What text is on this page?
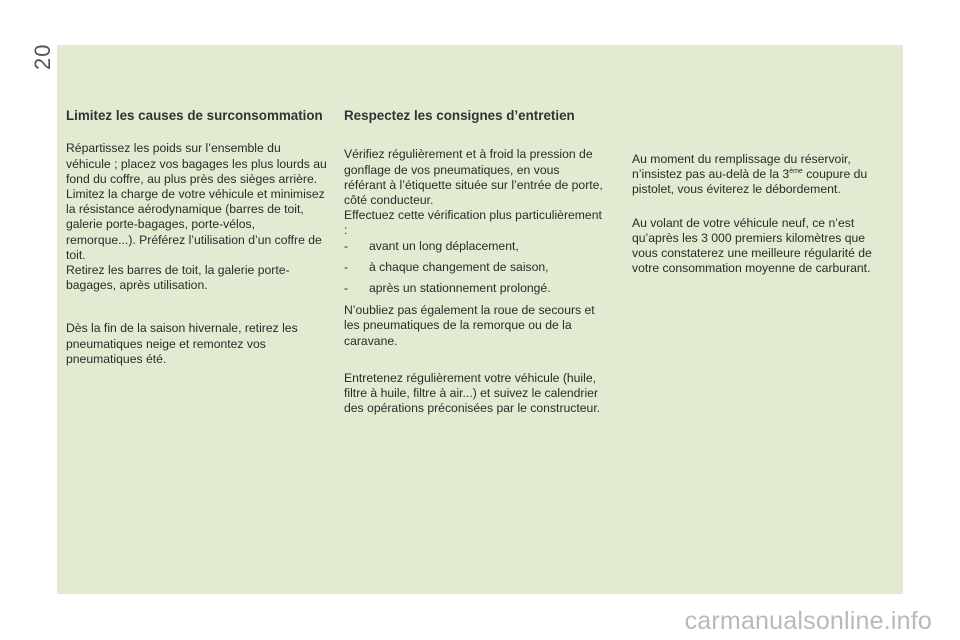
20
Limitez les causes de surconsommation

Répartissez les poids sur l’ensemble du véhicule ; placez vos bagages les plus lourds au fond du coffre, au plus près des sièges arrière.

Limitez la charge de votre véhicule et minimisez la résistance aérodynamique (barres de toit, galerie porte-bagages, porte-vélos, remorque...). Préférez l’utilisation d’un coffre de toit.

Retirez les barres de toit, la galerie porte-bagages, après utilisation.

Dès la fin de la saison hivernale, retirez les pneumatiques neige et remontez vos pneumatiques été.

Respectez les consignes d’entretien

Vérifiez régulièrement et à froid la pression de gonflage de vos pneumatiques, en vous référant à l’étiquette située sur l’entrée de porte, côté conducteur.

Effectuez cette vérification plus particulièrement :

-	avant un long déplacement,
-	à chaque changement de saison,
-	après un stationnement prolongé.

N’oubliez pas également la roue de secours et les pneumatiques de la remorque ou de la caravane.

Entretenez régulièrement votre véhicule (huile, filtre à huile, filtre à air...) et suivez le calendrier des opérations préconisées par le constructeur.

Au moment du remplissage du réservoir, n’insistez pas au-delà de la 3ème coupure du pistolet, vous éviterez le débordement.

Au volant de votre véhicule neuf, ce n’est qu’après les 3 000 premiers kilomètres que vous constaterez une meilleure régularité de votre consommation moyenne de carburant.

carmanualsonline.info
